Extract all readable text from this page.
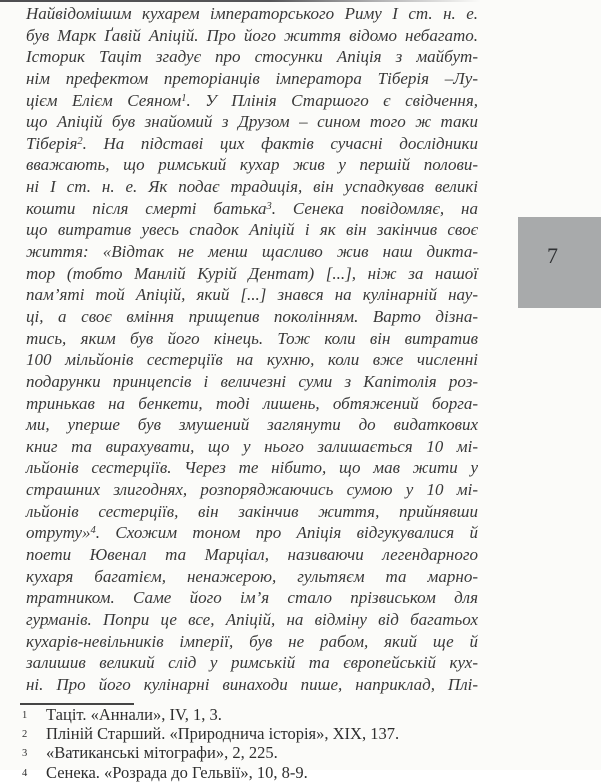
Найвідомішим кухарем імператорського Риму I ст. н. е.
був Марк Ґавій Апіцій. Про його життя відомо небагато.
Історик Таціт згадує про стосунки Апіція з майбут-
нім префектом преторіанців імператора Тіберія –Лу-
цієм Елієм Сеяном$^1$. У Плінія Старшого є свідчення,
що Апіцій був знайомий з Друзом – сином того ж таки
Тіберія$^2$. На підставі цих фактів сучасні дослідники
вважають, що римський кухар жив у першій полови-
ні I ст. н. е. Як подає традиція, він успадкував великі
кошти після смерті батька$^3$. Сенека повідомляє, на
що витратив увесь спадок Апіцій і як він закінчив своє
життя: «Відтак не менш щасливо жив наш дикта-
тор (тобто Манлій Курій Дентат) [...], ніж за нашої
пам’яті той Апіцій, який [...] знався на кулінарній нау-
ці, а своє вміння прищепив поколінням. Варто дізна-
тись, яким був його кінець. Тож коли він витратив
100 мільйонів сестерціїв на кухню, коли вже численні
подарунки принцепсів і величезні суми з Капітолія роз-
тринькав на бенкети, тоді лишень, обтяжений борга-
ми, уперше був змушений заглянути до видаткових
книг та вирахувати, що у нього залишається 10 мі-
льйонів сестерціїв. Через те нібито, що мав жити у
страшних злигоднях, розпоряджаючись сумою у 10 мі-
льйонів сестерціїв, він закінчив життя, прийнявши
отруту»$^4$. Схожим тоном про Апіція відгукувалися й
поети Ювенал та Марціал, називаючи легендарного
кухаря багатієм, ненажерою, гультяєм та марно-
тратником. Саме його ім’я стало прізвиськом для
гурманів. Попри це все, Апіцій, на відміну від багатьох
кухарів-невільників імперії, був не рабом, який ще й
залишив великий слід у римській та європейській кух-
ні. Про його кулінарні винаходи пише, наприклад, Плі-
1 Таціт. «Аннали», IV, 1, 3.
2 Пліній Старший. «Природнича історія», XIX, 137.
3 «Ватиканські мітографи», 2, 225.
4 Сенека. «Розрада до Гельвії», 10, 8-9.
7
